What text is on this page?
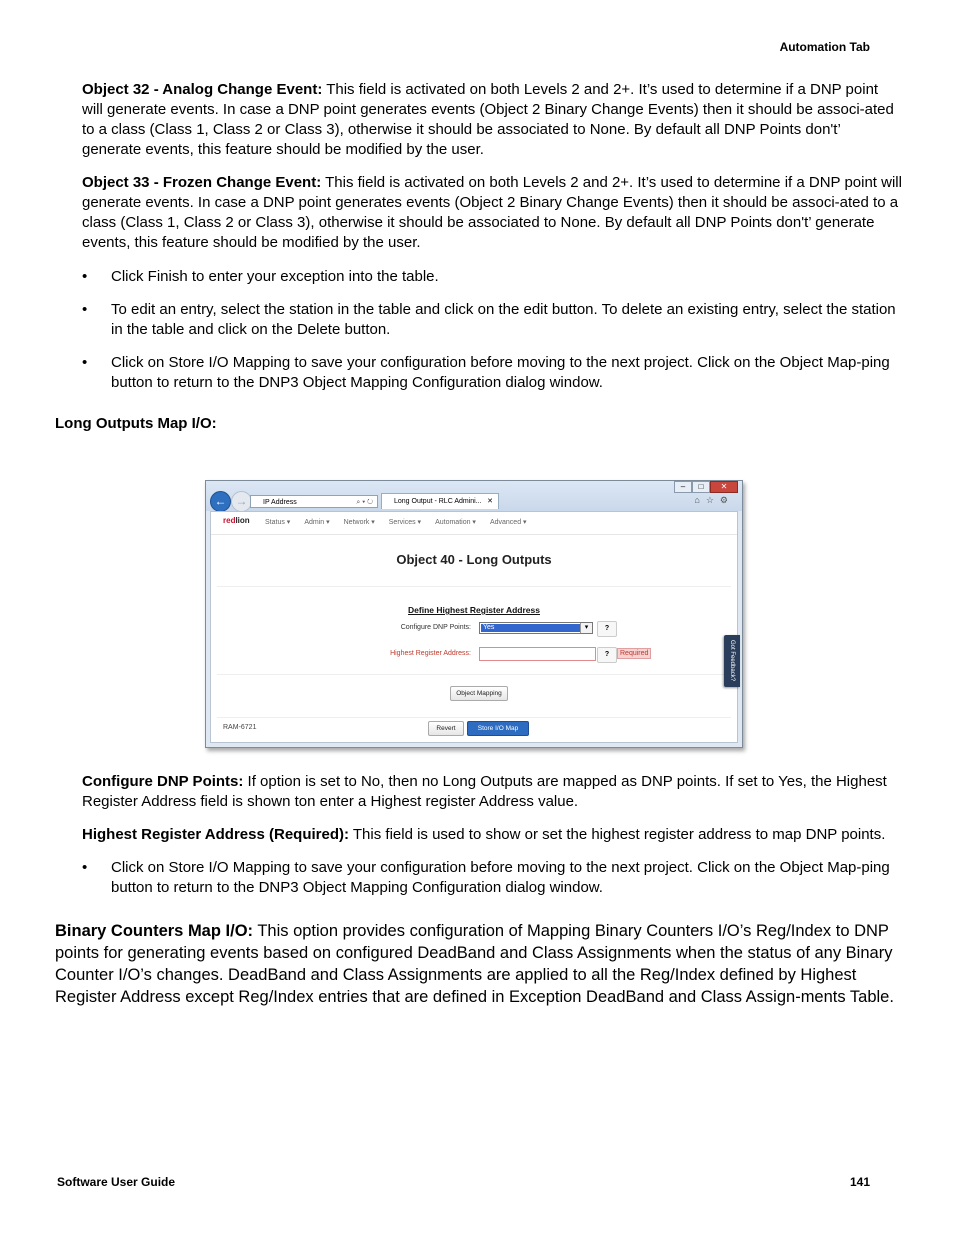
Automation Tab

Object 32 - Analog Change Event: This field is activated on both Levels 2 and 2+. It’s used to determine if a DNP point will generate events. In case a DNP point generates events (Object 2 Binary Change Events) then it should be associ-ated to a class (Class 1, Class 2 or Class 3), otherwise it should be associated to None. By default all DNP Points don't’ generate events, this feature should be modified by the user.

Object 33 - Frozen Change Event: This field is activated on both Levels 2 and 2+. It’s used to determine if a DNP point will generate events. In case a DNP point generates events (Object 2 Binary Change Events) then it should be associ-ated to a class (Class 1, Class 2 or Class 3), otherwise it should be associated to None. By default all DNP Points don't’ generate events, this feature should be modified by the user.

• Click Finish to enter your exception into the table.
• To edit an entry, select the station in the table and click on the edit button. To delete an existing entry, select the station in the table and click on the Delete button.
• Click on Store I/O Mapping to save your configuration before moving to the next project. Click on the Object Map-ping button to return to the DNP3 Object Mapping Configuration dialog window.
Long Outputs Map I/O:
–	□	✕
← →	IP Address	⌕ ▾ ↻	Long Output - RLC Admini... ✕	⌂☆⚙
redlion Status ▾ Admin ▾ Network ▾ Services ▾ Automation ▾ Advanced ▾
Object 40 - Long Outputs
Define Highest Register Address
Configure DNP Points: Yes	▾	?
Highest Register Address:	?	Required
Object Mapping
RAM-6721	Revert	Store I/O Map
Got Feedback?

Configure DNP Points: If option is set to No, then no Long Outputs are mapped as DNP points. If set to Yes, the Highest Register Address field is shown ton enter a Highest register Address value.

Highest Register Address (Required): This field is used to show or set the highest register address to map DNP points.

• Click on Store I/O Mapping to save your configuration before moving to the next project. Click on the Object Map-ping button to return to the DNP3 Object Mapping Configuration dialog window.

Binary Counters Map I/O: This option provides configuration of Mapping Binary Counters I/O’s Reg/Index to DNP points for generating events based on configured DeadBand and Class Assignments when the status of any Binary Counter I/O’s changes. DeadBand and Class Assignments are applied to all the Reg/Index defined by Highest Register Address except Reg/Index entries that are defined in Exception DeadBand and Class Assign-ments Table.

Software User Guide	141
